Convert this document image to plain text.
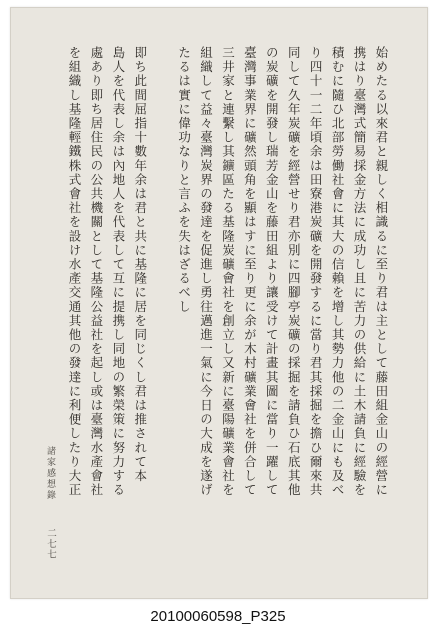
始めたる以來君と親しく相識るに至り君は主として藤田組金山の經營に
携はり臺灣式簡易採金方法に成功し且に苦力の供給に土木請負に經驗を
積むに隨ひ北部勞働社會に其大の信賴を增し其勢力他の二金山にも及べ
り四十一二年頃余は田寮港炭礦を開發するに當り君其採掘を擔ひ爾來共
同して久年炭礦を經營せり君亦別に四腳亭炭礦の採掘を請負ひ石底其他
の炭礦を開發し瑞芳金山を藤田組より讓受けて計畫其圖に當り一躍して
臺灣事業界に礦然頭角を顯はすに至り更に余が木村礦業會社を併合して
三井家と連繫し其鑛區たる基隆炭礦會社を創立し又新に臺陽礦業會社を
組織して益々臺灣炭界の發達を促進し勇往邁進一氣に今日の大成を遂げ
たるは實に偉功なりと言ふを失はざるべし
即ち此間屈指十數年余は君と共に基隆に居を同じくし君は推されて本
島人を代表し余は內地人を代表して互に提携し同地の繁榮策に努力する
處あり即ち居住民の公共機關として基隆公益社を起し或は臺灣水產會社
を組織し基隆輕鐵株式會社を設け水產交通其他の發達に利便したり大正
諸家感想錄
二七七
20100060598_P325
